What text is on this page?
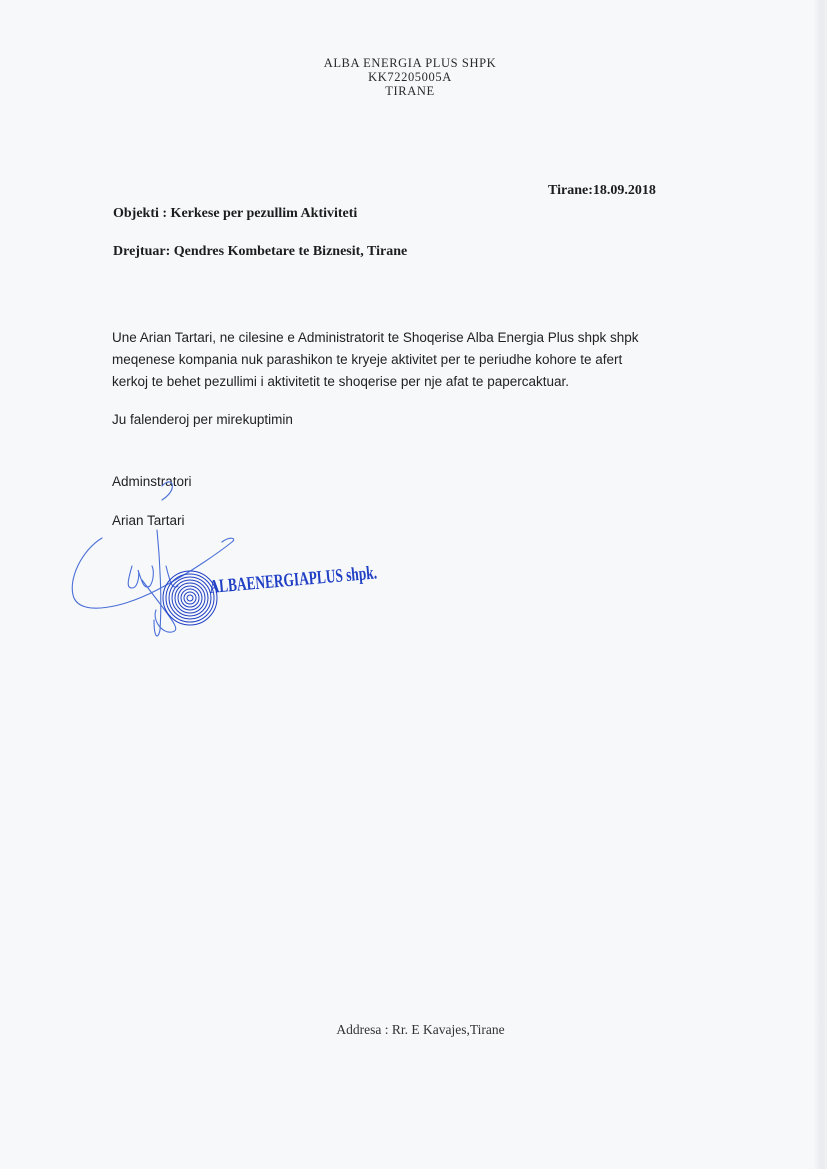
ALBA ENERGIA PLUS SHPK
KK72205005A
TIRANE
Tirane:18.09.2018
Objekti : Kerkese per pezullim Aktiviteti
Drejtuar: Qendres Kombetare te Biznesit, Tirane
Une Arian Tartari, ne cilesine e Administratorit te Shoqerise Alba Energia Plus shpk shpk
meqenese kompania nuk parashikon te kryeje aktivitet per te periudhe kohore te afert
kerkoj te behet pezullimi i aktivitetit te shoqerise per nje afat te papercaktuar.
Ju falenderoj per mirekuptimin
Adminstratori
Arian Tartari
ALBAENERGIAPLUS shpk.
Addresa : Rr. E Kavajes,Tirane
